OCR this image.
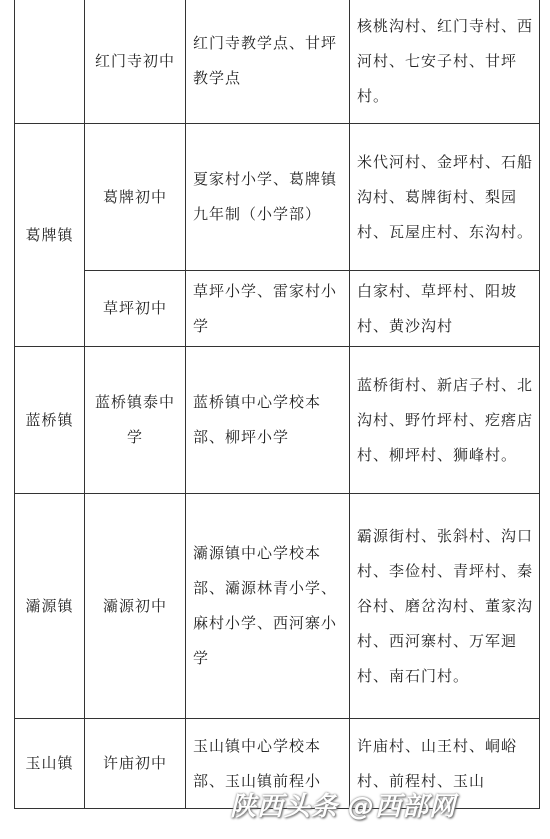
	红门寺初中	红门寺教学点、甘坪教学点	核桃沟村、红门寺村、西河村、七安子村、甘坪村。
葛牌镇	葛牌初中	夏家村小学、葛牌镇九年制（小学部）	米代河村、金坪村、石船沟村、葛牌街村、梨园村、瓦屋庄村、东沟村。
	草坪初中	草坪小学、雷家村小学	白家村、草坪村、阳坡村、黄沙沟村
蓝桥镇	蓝桥镇泰中学	蓝桥镇中心学校本部、柳坪小学	蓝桥街村、新店子村、北沟村、野竹坪村、疙瘩店村、柳坪村、狮峰村。
灞源镇	灞源初中	灞源镇中心学校本部、灞源林青小学、麻村小学、西河寨小学	霸源街村、张斜村、沟口村、李俭村、青坪村、秦谷村、磨岔沟村、董家沟村、西河寨村、万军迴村、南石门村。
玉山镇	许庙初中	玉山镇中心学校本部、玉山镇前程小	许庙村、山王村、峒峪村、前程村、玉山
陕西头条 @西部网
